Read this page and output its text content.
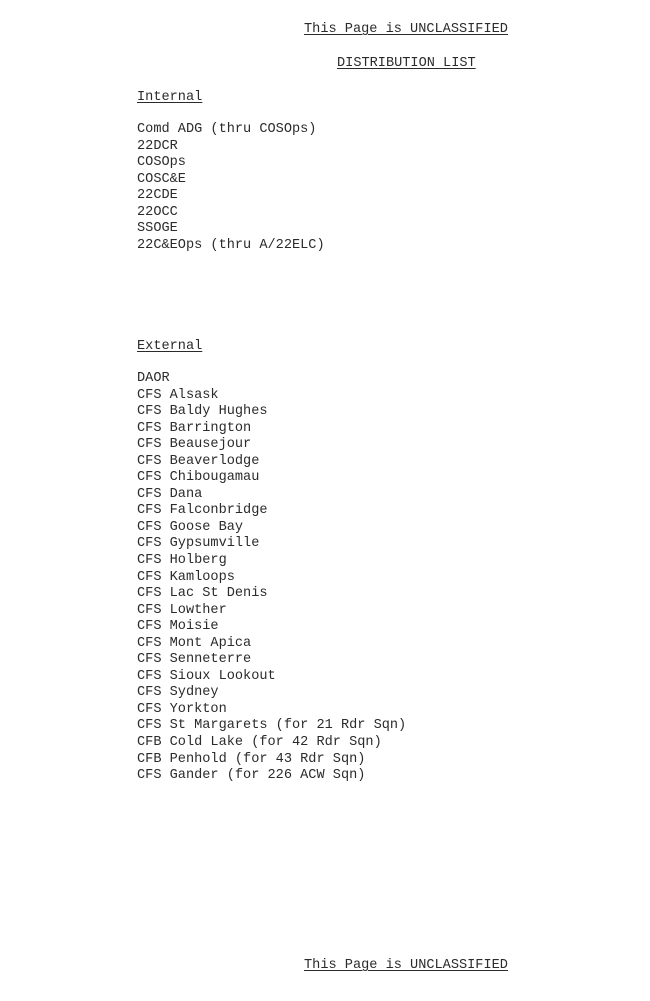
This Page is UNCLASSIFIED
DISTRIBUTION LIST
Internal
Comd ADG (thru COSOps)
22DCR
COSOps
COSC&E
22CDE
22OCC
SSOGE
22C&EOps (thru A/22ELC)
External
DAOR
CFS Alsask
CFS Baldy Hughes
CFS Barrington
CFS Beausejour
CFS Beaverlodge
CFS Chibougamau
CFS Dana
CFS Falconbridge
CFS Goose Bay
CFS Gypsumville
CFS Holberg
CFS Kamloops
CFS Lac St Denis
CFS Lowther
CFS Moisie
CFS Mont Apica
CFS Senneterre
CFS Sioux Lookout
CFS Sydney
CFS Yorkton
CFS St Margarets (for 21 Rdr Sqn)
CFB Cold Lake (for 42 Rdr Sqn)
CFB Penhold (for 43 Rdr Sqn)
CFS Gander (for 226 ACW Sqn)
This Page is UNCLASSIFIED
